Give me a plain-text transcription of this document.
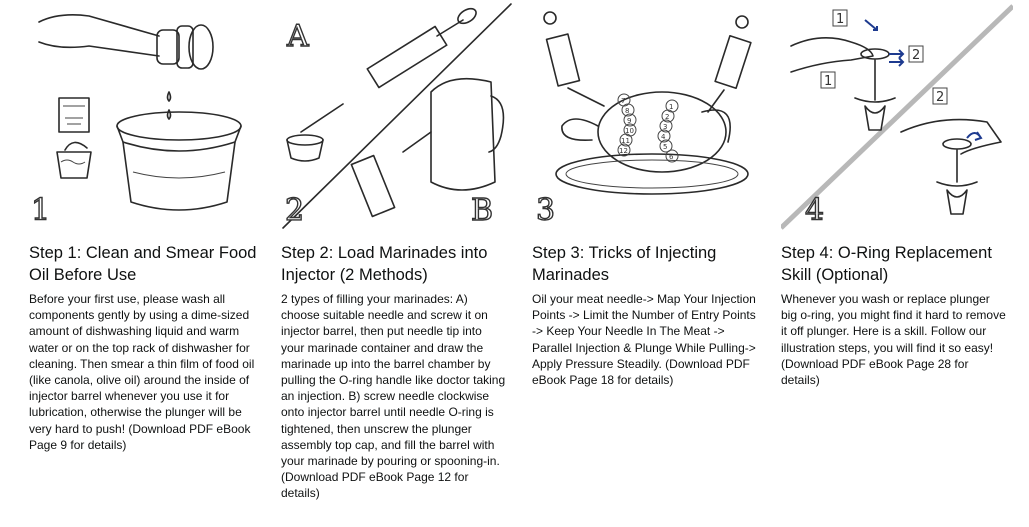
1
Step 1: Clean and Smear Food Oil Before Use

Before your first use, please wash all components gently by using a dime-sized amount of dishwashing liquid and warm water or on the top rack of dishwasher for cleaning. Then smear a thin film of food oil (like canola, olive oil) around the inside of injector barrel whenever you use it for lubrication, otherwise the plunger will be very hard to push! (Download PDF eBook Page 9 for details)

A
B
2
Step 2: Load Marinades into Injector (2 Methods)

2 types of filling your marinades: A) choose suitable needle and screw it on injector barrel, then put needle tip into your marinade container and draw the marinade up into the barrel chamber by pulling the O-ring handle like doctor taking an injection. B) screw needle clockwise onto injector barrel until needle O-ring is tightened, then unscrew the plunger assembly top cap, and fill the barrel with your marinade by pouring or spooning-in. (Download PDF eBook Page 12 for details)

7
8
9
10
11
12
1
2
3
4
5
6
3
Step 3: Tricks of Injecting Marinades

Oil your meat needle-> Map Your Injection Points -> Limit the Number of Entry Points -> Keep Your Needle In The Meat -> Parallel Injection & Plunge While Pulling-> Apply Pressure Steadily. (Download PDF eBook Page 18 for details)

1
2
1
2
4
Step 4: O-Ring Replacement Skill (Optional)

Whenever you wash or replace plunger big o-ring, you might find it hard to remove it off plunger. Here is a skill. Follow our illustration steps, you will find it so easy! (Download PDF eBook Page 28 for details)
